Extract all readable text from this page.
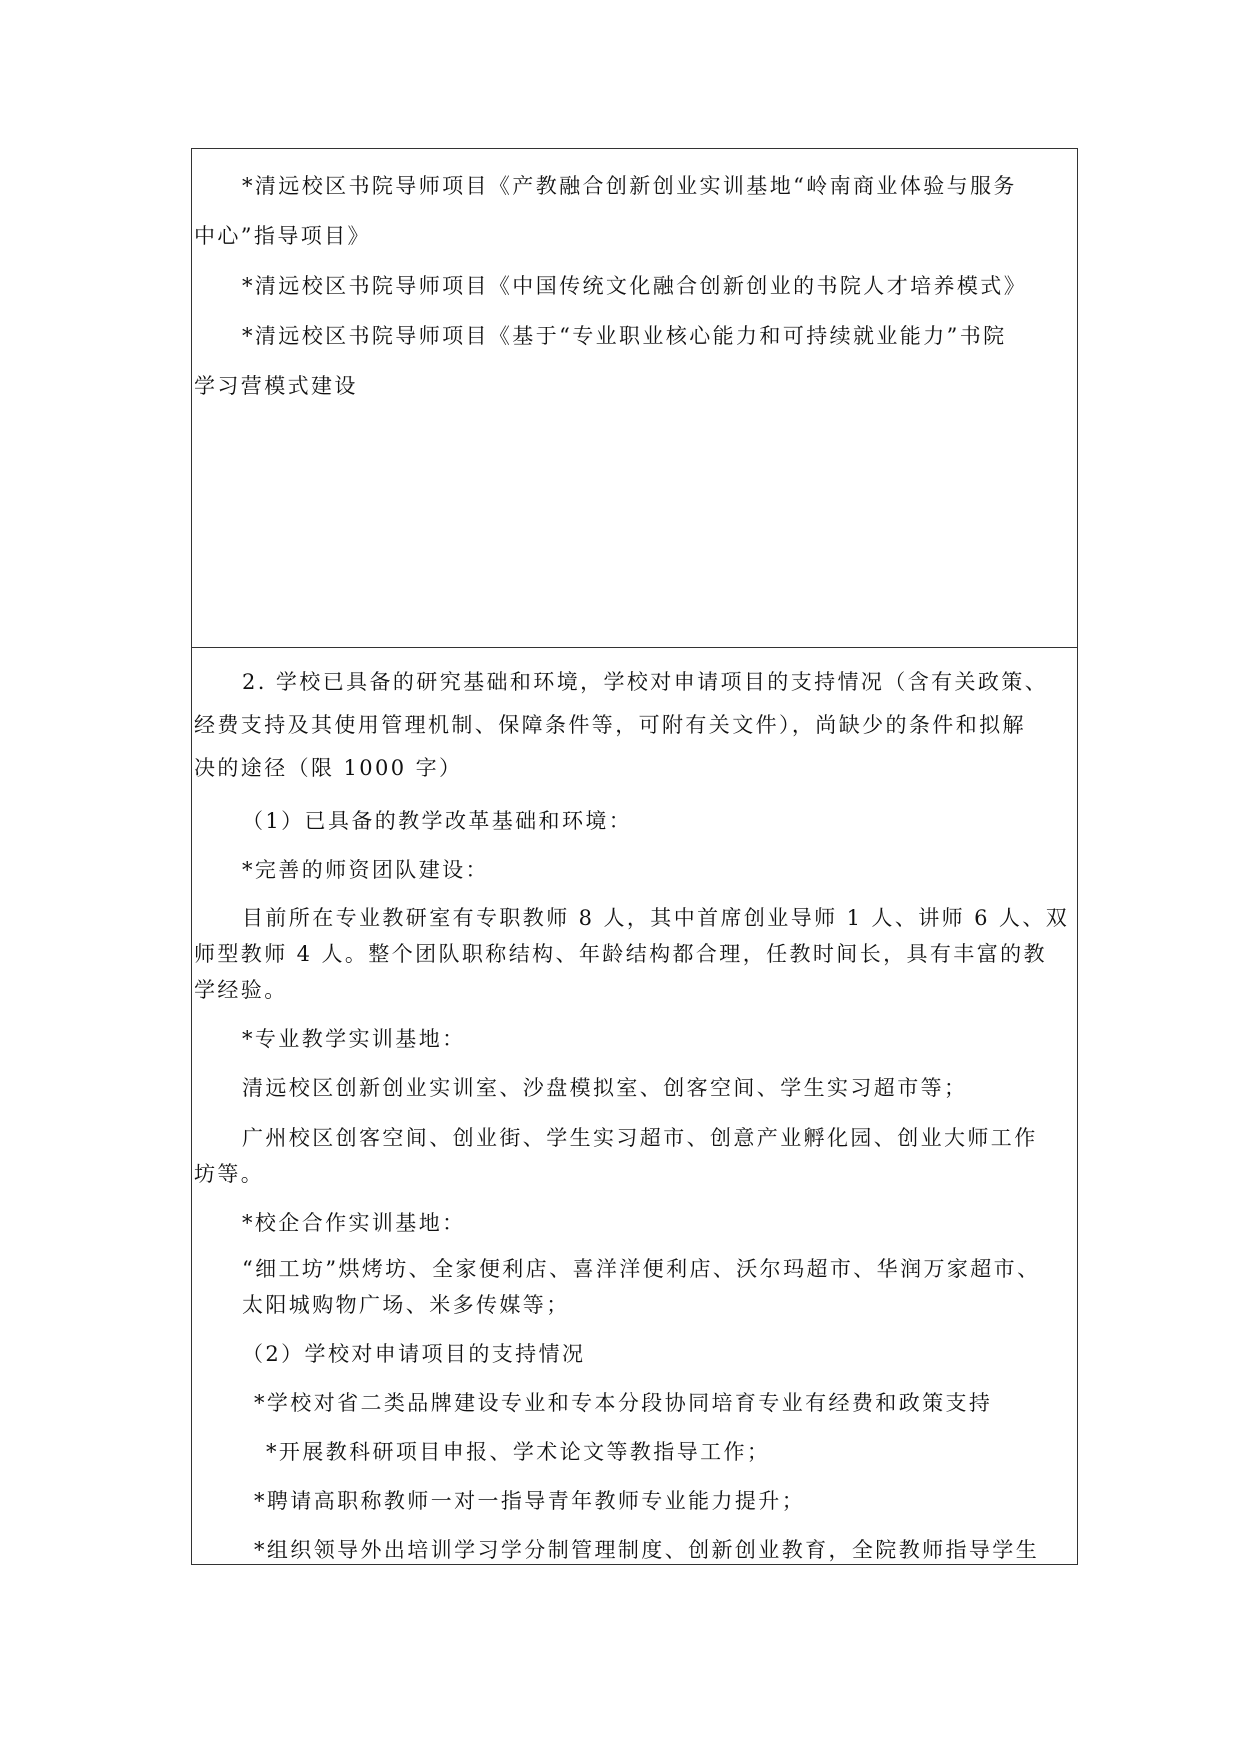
*清远校区书院导师项目《产教融合创新创业实训基地“岭南商业体验与服务

中心”指导项目》

*清远校区书院导师项目《中国传统文化融合创新创业的书院人才培养模式》

*清远校区书院导师项目《基于“专业职业核心能力和可持续就业能力”书院

学习营模式建设

2. 学校已具备的研究基础和环境，学校对申请项目的支持情况（含有关政策、

经费支持及其使用管理机制、保障条件等，可附有关文件），尚缺少的条件和拟解

决的途径（限 1000 字）

（1）已具备的教学改革基础和环境：

*完善的师资团队建设：

目前所在专业教研室有专职教师 8 人，其中首席创业导师 1 人、讲师 6 人、双

师型教师 4 人。整个团队职称结构、年龄结构都合理，任教时间长，具有丰富的教

学经验。

*专业教学实训基地：

清远校区创新创业实训室、沙盘模拟室、创客空间、学生实习超市等；

广州校区创客空间、创业街、学生实习超市、创意产业孵化园、创业大师工作

坊等。

*校企合作实训基地：

“细工坊”烘烤坊、全家便利店、喜洋洋便利店、沃尔玛超市、华润万家超市、

太阳城购物广场、米多传媒等；

（2）学校对申请项目的支持情况

*学校对省二类品牌建设专业和专本分段协同培育专业有经费和政策支持

*开展教科研项目申报、学术论文等教指导工作；

*聘请高职称教师一对一指导青年教师专业能力提升；

*组织领导外出培训学习学分制管理制度、创新创业教育，全院教师指导学生
